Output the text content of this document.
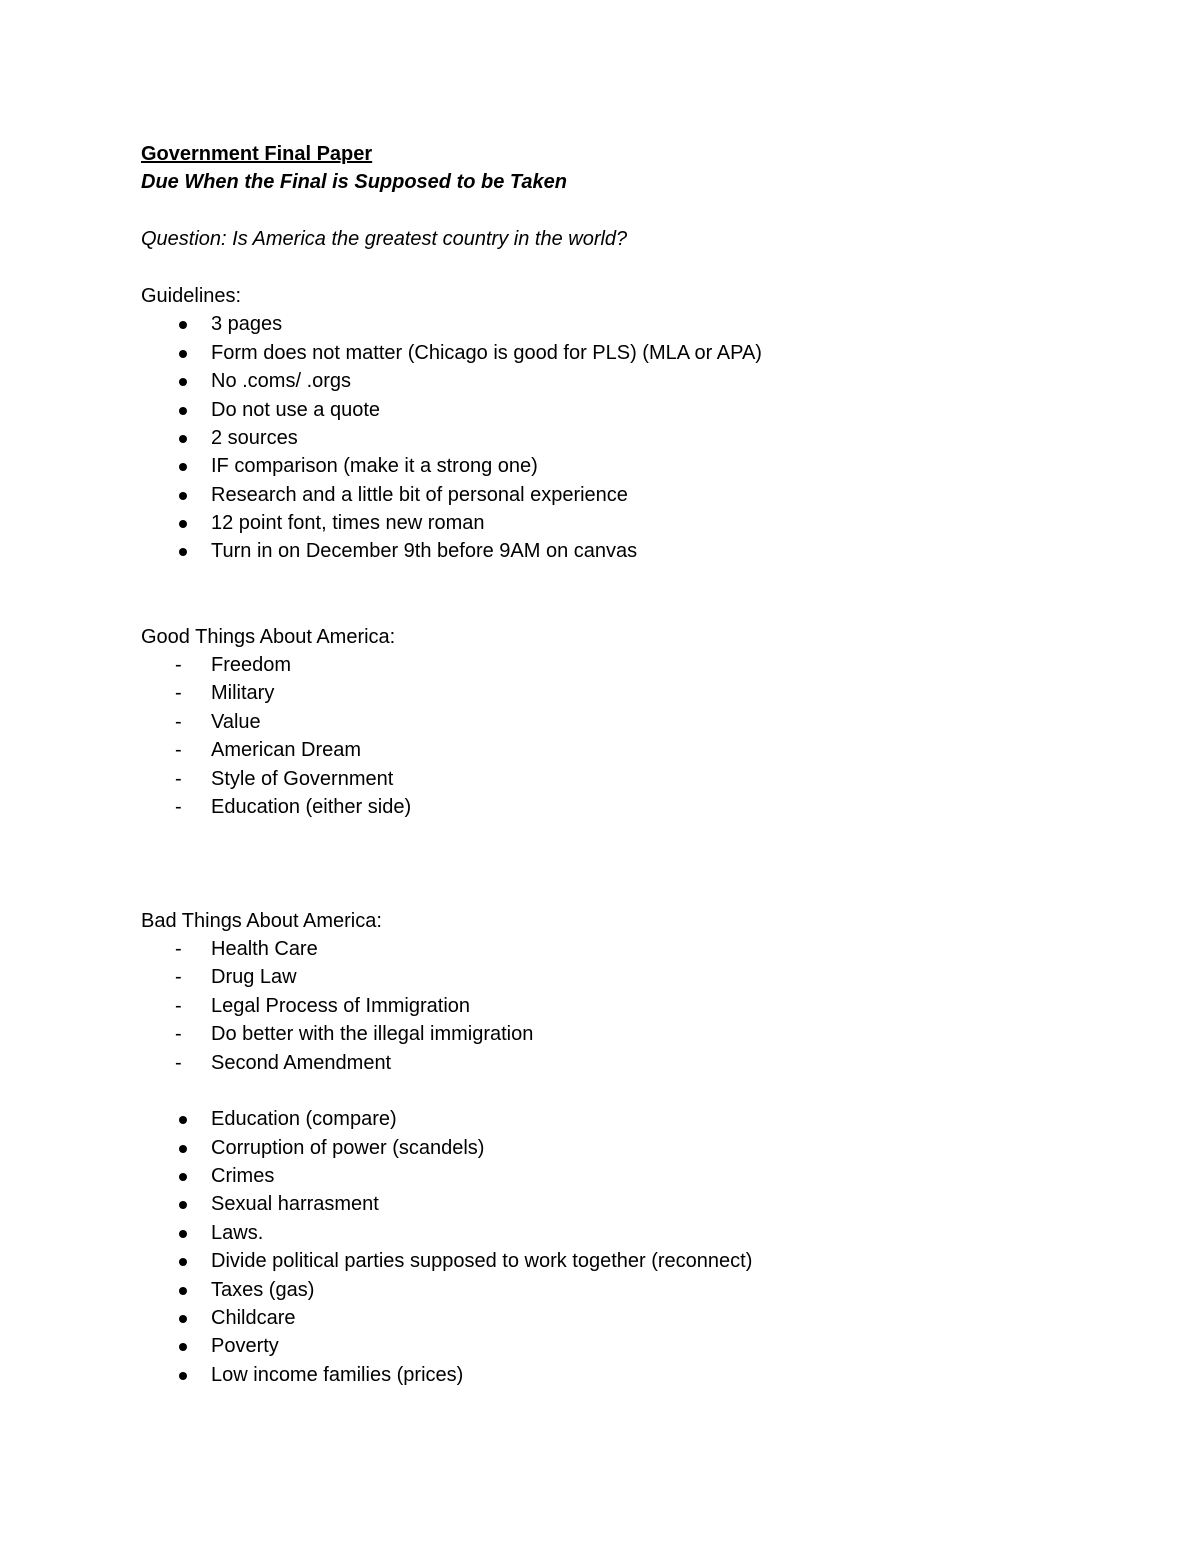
Government Final Paper
Due When the Final is Supposed to be Taken
Question: Is America the greatest country in the world?
Guidelines:
3 pages
Form does not matter (Chicago is good for PLS) (MLA or APA)
No .coms/ .orgs
Do not use a quote
2 sources
IF comparison (make it a strong one)
Research and a little bit of personal experience
12 point font, times new roman
Turn in on December 9th before 9AM on canvas
Good Things About America:
- Freedom
- Military
- Value
- American Dream
- Style of Government
- Education (either side)
Bad Things About America:
- Health Care
- Drug Law
- Legal Process of Immigration
- Do better with the illegal immigration
- Second Amendment
Education (compare)
Corruption of power (scandels)
Crimes
Sexual harrasment
Laws.
Divide political parties supposed to work together (reconnect)
Taxes (gas)
Childcare
Poverty
Low income families (prices)
